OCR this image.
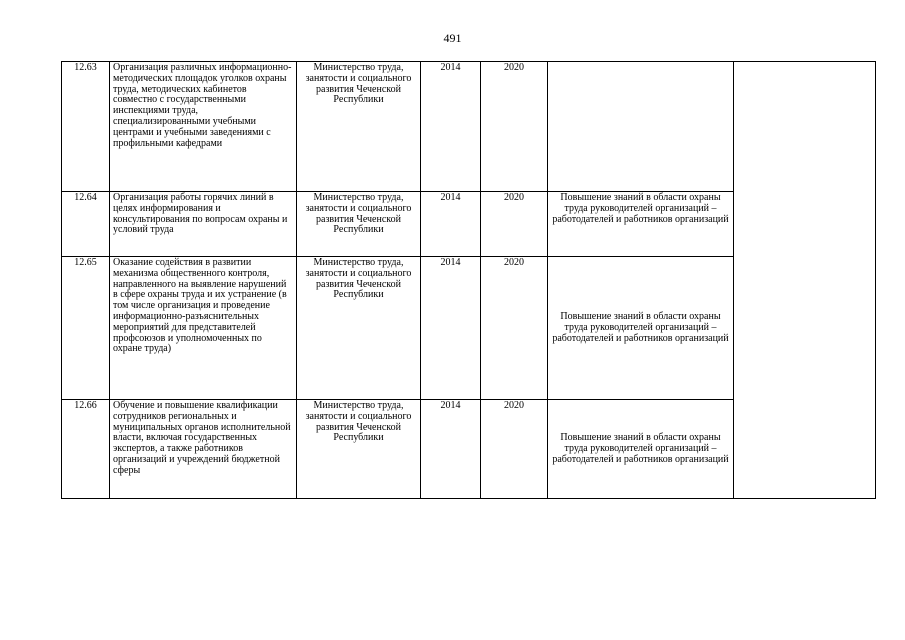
491
12.63	Организация различных информационно-методических площадок уголков охраны труда, методических кабинетов совместно с государственными инспекциями труда, специализированными учебными центрами и учебными заведениями с профильными кафедрами	Министерство труда, занятости и социального развития Чеченской Республики	2014	2020		
12.64	Организация работы горячих линий в целях информирования и консультирования по вопросам охраны и условий труда	Министерство труда, занятости и социального развития Чеченской Республики	2014	2020	Повышение знаний в области охраны труда руководителей организаций – работодателей и работников организаций	
12.65	Оказание содействия в развитии механизма общественного контроля, направленного на выявление нарушений в сфере охраны труда и их устранение (в том числе организация и проведение информационно-разъяснительных мероприятий для представителей профсоюзов и уполномоченных по охране труда)	Министерство труда, занятости и социального развития Чеченской Республики	2014	2020	Повышение знаний в области охраны труда руководителей организаций – работодателей и работников организаций	
12.66	Обучение и повышение квалификации сотрудников региональных и муниципальных органов исполнительной власти, включая государственных экспертов, а также работников организаций и учреждений бюджетной сферы	Министерство труда, занятости и социального развития Чеченской Республики	2014	2020	Повышение знаний в области охраны труда руководителей организаций – работодателей и работников организаций	
